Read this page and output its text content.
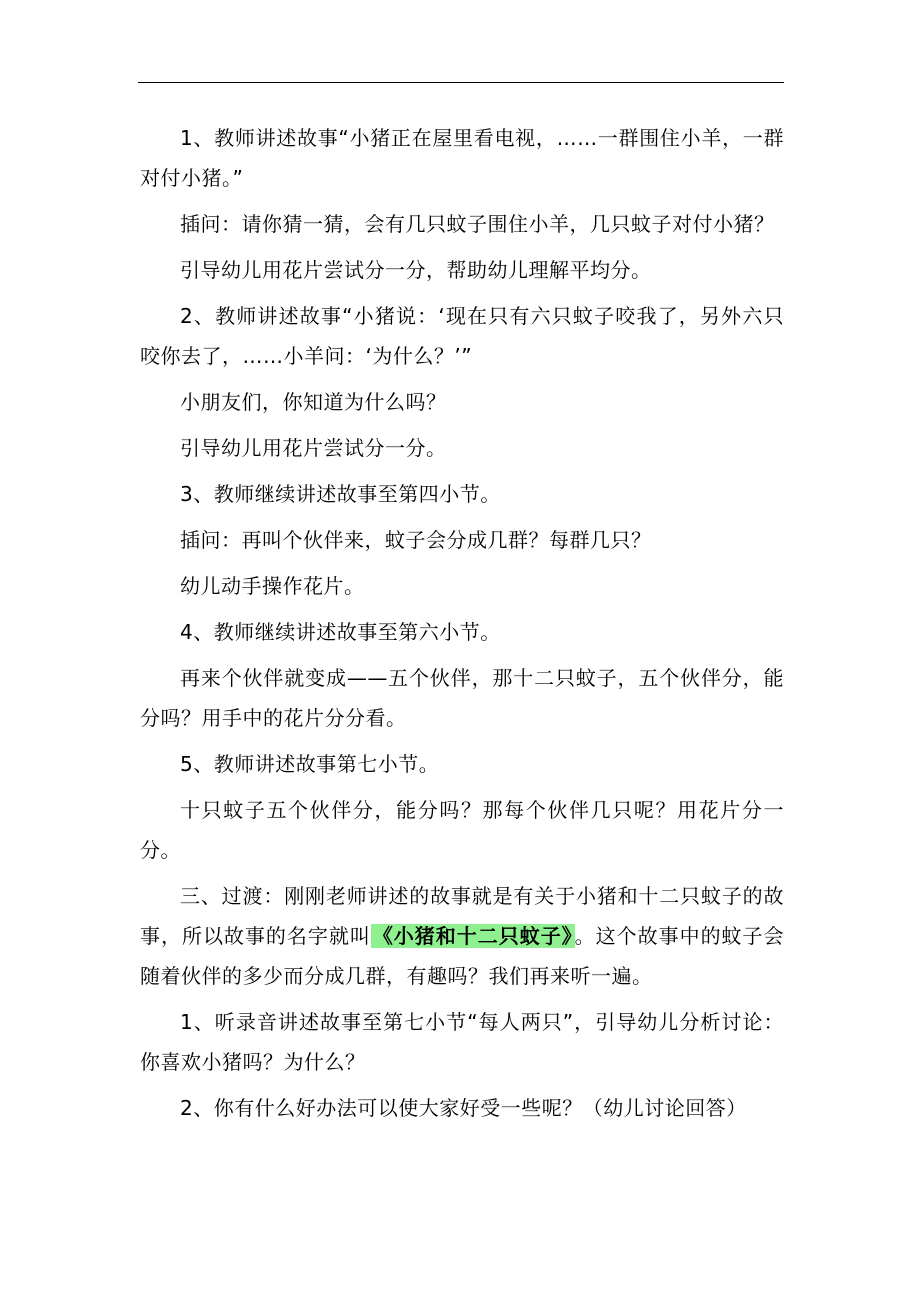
1、教师讲述故事“小猪正在屋里看电视，……一群围住小羊，一群对付小猪。”

插问：请你猜一猜，会有几只蚊子围住小羊，几只蚊子对付小猪？

引导幼儿用花片尝试分一分，帮助幼儿理解平均分。

2、教师讲述故事“小猪说：‘现在只有六只蚊子咬我了，另外六只咬你去了，……小羊问：‘为什么？’”

小朋友们，你知道为什么吗？

引导幼儿用花片尝试分一分。

3、教师继续讲述故事至第四小节。

插问：再叫个伙伴来，蚊子会分成几群？每群几只？

幼儿动手操作花片。

4、教师继续讲述故事至第六小节。

再来个伙伴就变成——五个伙伴，那十二只蚊子，五个伙伴分，能分吗？用手中的花片分分看。

5、教师讲述故事第七小节。

十只蚊子五个伙伴分，能分吗？那每个伙伴几只呢？用花片分一分。

三、过渡：刚刚老师讲述的故事就是有关于小猪和十二只蚊子的故事，所以故事的名字就叫 《小猪和十二只蚊子》 。这个故事中的蚊子会随着伙伴的多少而分成几群，有趣吗？我们再来听一遍。

1、听录音讲述故事至第七小节“每人两只”，引导幼儿分析讨论：你喜欢小猪吗？为什么？

2、你有什么好办法可以使大家好受一些呢？（幼儿讨论回答）
